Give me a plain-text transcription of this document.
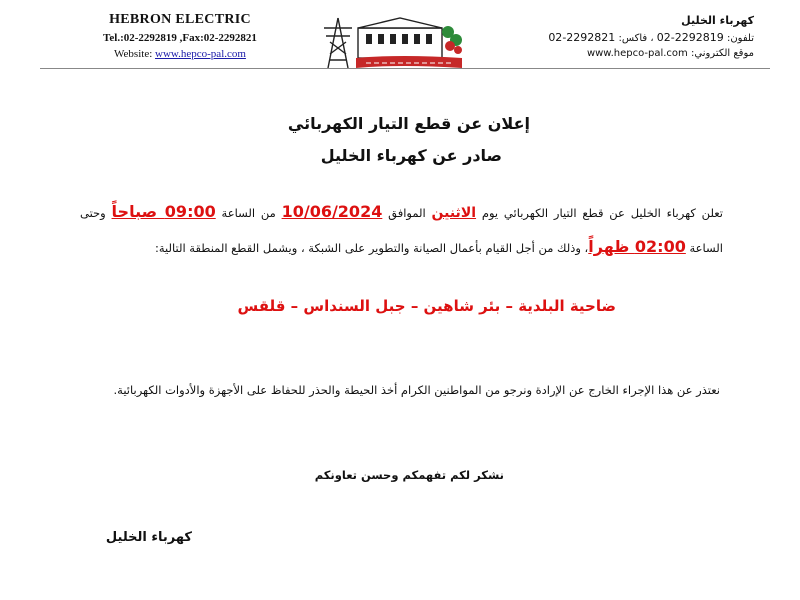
HEBRON ELECTRIC
Tel.:02-2292819 ,Fax:02-2292821
Website: www.hepco-pal.com
كهرباء الخليل
تلفون: 2292819-02 ، فاكس: 2292821-02
موقع الكتروني: www.hepco-pal.com
إعلان عن قطع التيار الكهربائي
صادر عن كهرباء الخليل
تعلن كهرباء الخليل عن قطع التيار الكهربائي يوم الاثنين الموافق 10/06/2024 من الساعة 09:00 صباحاً وحتى الساعة 02:00 ظهراً، وذلك من أجل القيام بأعمال الصيانة والتطوير على الشبكة ، ويشمل القطع المنطقة التالية:
ضاحية البلدية – بئر شاهين – جبل السنداس – قلقس
نعتذر عن هذا الإجراء الخارج عن الإرادة ونرجو من المواطنين الكرام أخذ الحيطة والحذر للحفاظ على الأجهزة والأدوات الكهربائية.
نشكر لكم تفهمكم وحسن تعاونكم
كهرباء الخليل
